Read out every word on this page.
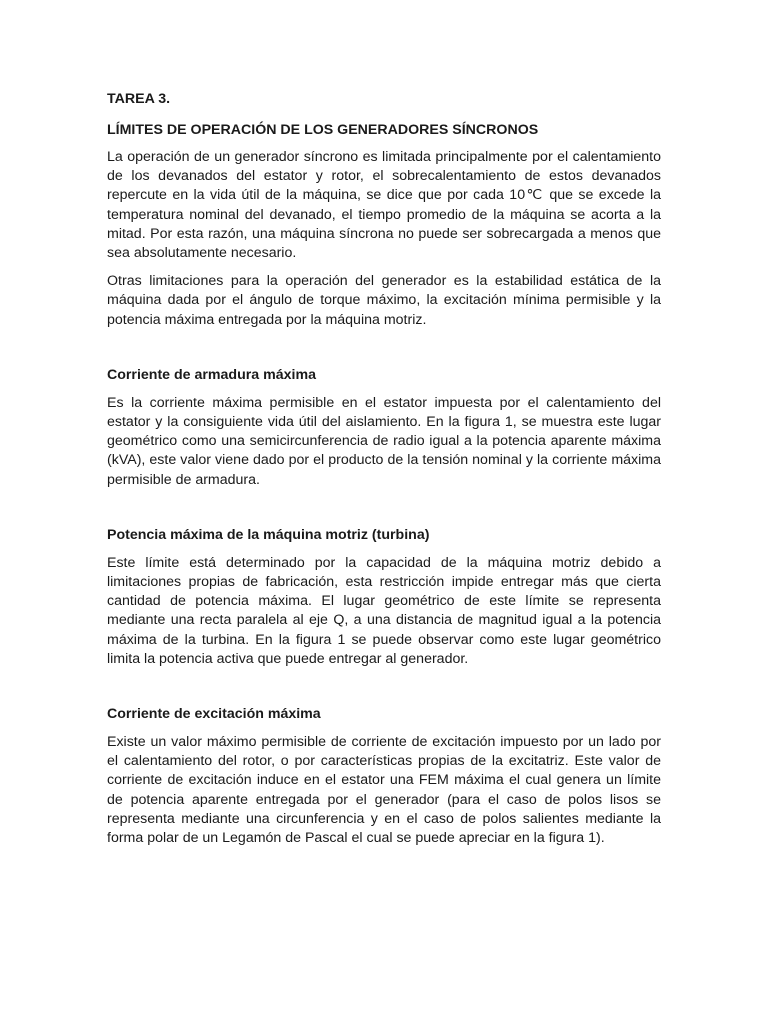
TAREA 3.
LÍMITES DE OPERACIÓN DE LOS GENERADORES SÍNCRONOS

La operación de un generador síncrono es limitada principalmente por el calentamiento de los devanados del estator y rotor, el sobrecalentamiento de estos devanados repercute en la vida útil de la máquina, se dice que por cada 10℃ que se excede la temperatura nominal del devanado, el tiempo promedio de la máquina se acorta a la mitad. Por esta razón, una máquina síncrona no puede ser sobrecargada a menos que sea absolutamente necesario.

Otras limitaciones para la operación del generador es la estabilidad estática de la máquina dada por el ángulo de torque máximo, la excitación mínima permisible y la potencia máxima entregada por la máquina motriz.

Corriente de armadura máxima

Es la corriente máxima permisible en el estator impuesta por el calentamiento del estator y la consiguiente vida útil del aislamiento. En la figura 1, se muestra este lugar geométrico como una semicircunferencia de radio igual a la potencia aparente máxima (kVA), este valor viene dado por el producto de la tensión nominal y la corriente máxima permisible de armadura.

Potencia máxima de la máquina motriz (turbina)

Este límite está determinado por la capacidad de la máquina motriz debido a limitaciones propias de fabricación, esta restricción impide entregar más que cierta cantidad de potencia máxima. El lugar geométrico de este límite se representa mediante una recta paralela al eje Q, a una distancia de magnitud igual a la potencia máxima de la turbina. En la figura 1 se puede observar como este lugar geométrico limita la potencia activa que puede entregar al generador.

Corriente de excitación máxima

Existe un valor máximo permisible de corriente de excitación impuesto por un lado por el calentamiento del rotor, o por características propias de la excitatriz. Este valor de corriente de excitación induce en el estator una FEM máxima el cual genera un límite de potencia aparente entregada por el generador (para el caso de polos lisos se representa mediante una circunferencia y en el caso de polos salientes mediante la forma polar de un Legamón de Pascal el cual se puede apreciar en la figura 1).
